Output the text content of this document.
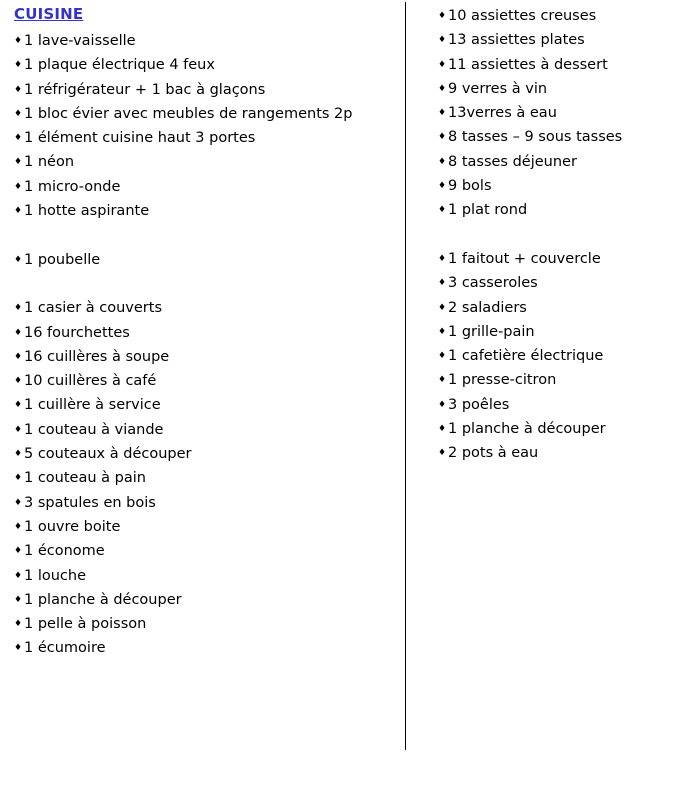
CUISINE
♦ 1 lave-vaisselle
♦ 1 plaque électrique 4 feux
♦ 1 réfrigérateur + 1 bac à glaçons
♦ 1 bloc évier avec meubles de rangements 2p
♦ 1 élément cuisine haut 3 portes
♦ 1 néon
♦ 1 micro-onde
♦ 1 hotte aspirante
♦ 1 poubelle
♦ 1 casier à couverts
♦ 16 fourchettes
♦ 16 cuillères à soupe
♦ 10 cuillères à café
♦ 1 cuillère à service
♦ 1 couteau à viande
♦ 5 couteaux à découper
♦ 1 couteau à pain
♦ 3 spatules en bois
♦ 1 ouvre boite
♦ 1 économe
♦ 1 louche
♦ 1 planche à découper
♦ 1 pelle à poisson
♦ 1 écumoire
♦ 10 assiettes creuses
♦ 13 assiettes plates
♦ 11 assiettes à dessert
♦ 9 verres à vin
♦ 13verres à eau
♦ 8 tasses – 9 sous tasses
♦ 8 tasses déjeuner
♦ 9 bols
♦ 1 plat rond
♦ 1 faitout + couvercle
♦ 3 casseroles
♦ 2 saladiers
♦ 1 grille-pain
♦ 1 cafetière électrique
♦ 1 presse-citron
♦ 3 poêles
♦ 1 planche à découper
♦ 2 pots à eau
